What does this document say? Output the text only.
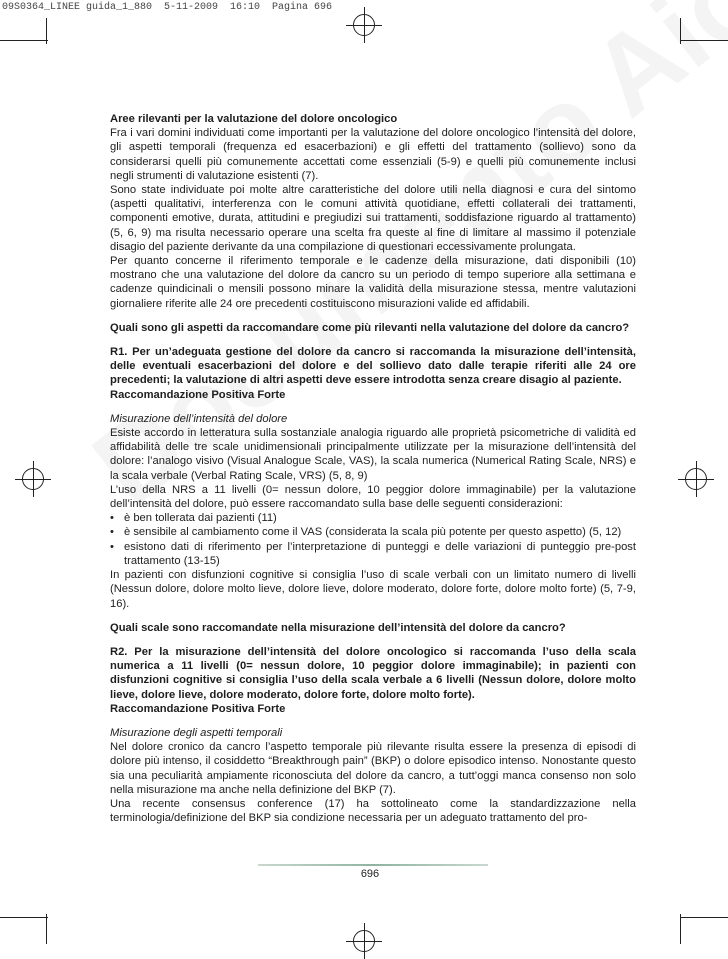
09S0364_LINEE guida_1_880  5-11-2009  16:10  Pagina 696

Aree rilevanti per la valutazione del dolore oncologico

Fra i vari domini individuati come importanti per la valutazione del dolore oncologico l’intensità del dolore, gli aspetti temporali (frequenza ed esacerbazioni) e gli effetti del trattamento (sollievo) sono da considerarsi quelli più comunemente accettati come essenziali (5-9) e quelli più comunemente inclusi negli strumenti di valutazione esistenti (7).

Sono state individuate poi molte altre caratteristiche del dolore utili nella diagnosi e cura del sintomo (aspetti qualitativi, interferenza con le comuni attività quotidiane, effetti collaterali dei trattamenti, componenti emotive, durata, attitudini e pregiudizi sui trattamenti, soddisfazione riguardo al trattamento) (5, 6, 9) ma risulta necessario operare una scelta fra queste al fine di limitare al massimo il potenziale disagio del paziente derivante da una compilazione di questionari eccessivamente prolungata.

Per quanto concerne il riferimento temporale e le cadenze della misurazione, dati disponibili (10) mostrano che una valutazione del dolore da cancro su un periodo di tempo superiore alla settimana e cadenze quindicinali o mensili possono minare la validità della misurazione stessa, mentre valutazioni giornaliere riferite alle 24 ore precedenti costituiscono misurazioni valide ed affidabili.

Quali sono gli aspetti da raccomandare come più rilevanti nella valutazione del dolore da cancro?

R1. Per un’adeguata gestione del dolore da cancro si raccomanda la misurazione dell’intensità, delle eventuali esacerbazioni del dolore e del sollievo dato dalle terapie riferiti alle 24 ore precedenti; la valutazione di altri aspetti deve essere introdotta senza creare disagio al paziente.

Raccomandazione Positiva Forte

Misurazione dell’intensità del dolore

Esiste accordo in letteratura sulla sostanziale analogia riguardo alle proprietà psicometriche di validità ed affidabilità delle tre scale unidimensionali principalmente utilizzate per la misurazione dell’intensità del dolore: l’analogo visivo (Visual Analogue Scale, VAS), la scala numerica (Numerical Rating Scale, NRS) e la scala verbale (Verbal Rating Scale, VRS) (5, 8, 9)

L’uso della NRS a 11 livelli (0= nessun dolore, 10 peggior dolore immaginabile) per la valutazione dell’intensità del dolore, può essere raccomandato sulla base delle seguenti considerazioni:

• è ben tollerata dai pazienti (11)
• è sensibile al cambiamento come il VAS (considerata la scala più potente per questo aspetto) (5, 12)
• esistono dati di riferimento per l’interpretazione di punteggi e delle variazioni di punteggio pre-post trattamento (13-15)

In pazienti con disfunzioni cognitive si consiglia l’uso di scale verbali con un limitato numero di livelli (Nessun dolore, dolore molto lieve, dolore lieve, dolore moderato, dolore forte, dolore molto forte) (5, 7-9, 16).

Quali scale sono raccomandate nella misurazione dell’intensità del dolore da cancro?

R2. Per la misurazione dell’intensità del dolore oncologico si raccomanda l’uso della scala numerica a 11 livelli (0= nessun dolore, 10 peggior dolore immaginabile); in pazienti con disfunzioni cognitive si consiglia l’uso della scala verbale a 6 livelli (Nessun dolore, dolore molto lieve, dolore lieve, dolore moderato, dolore forte, dolore molto forte).

Raccomandazione Positiva Forte

Misurazione degli aspetti temporali

Nel dolore cronico da cancro l’aspetto temporale più rilevante risulta essere la presenza di episodi di dolore più intenso, il cosiddetto “Breakthrough pain” (BKP) o dolore episodico intenso. Nonostante questo sia una peculiarità ampiamente riconosciuta del dolore da cancro, a tutt’oggi manca consenso non solo nella misurazione ma anche nella definizione del BKP (7).

Una recente consensus conference (17) ha sottolineato come la standardizzazione nella terminologia/definizione del BKP sia condizione necessaria per un adeguato trattamento del pro-

696
